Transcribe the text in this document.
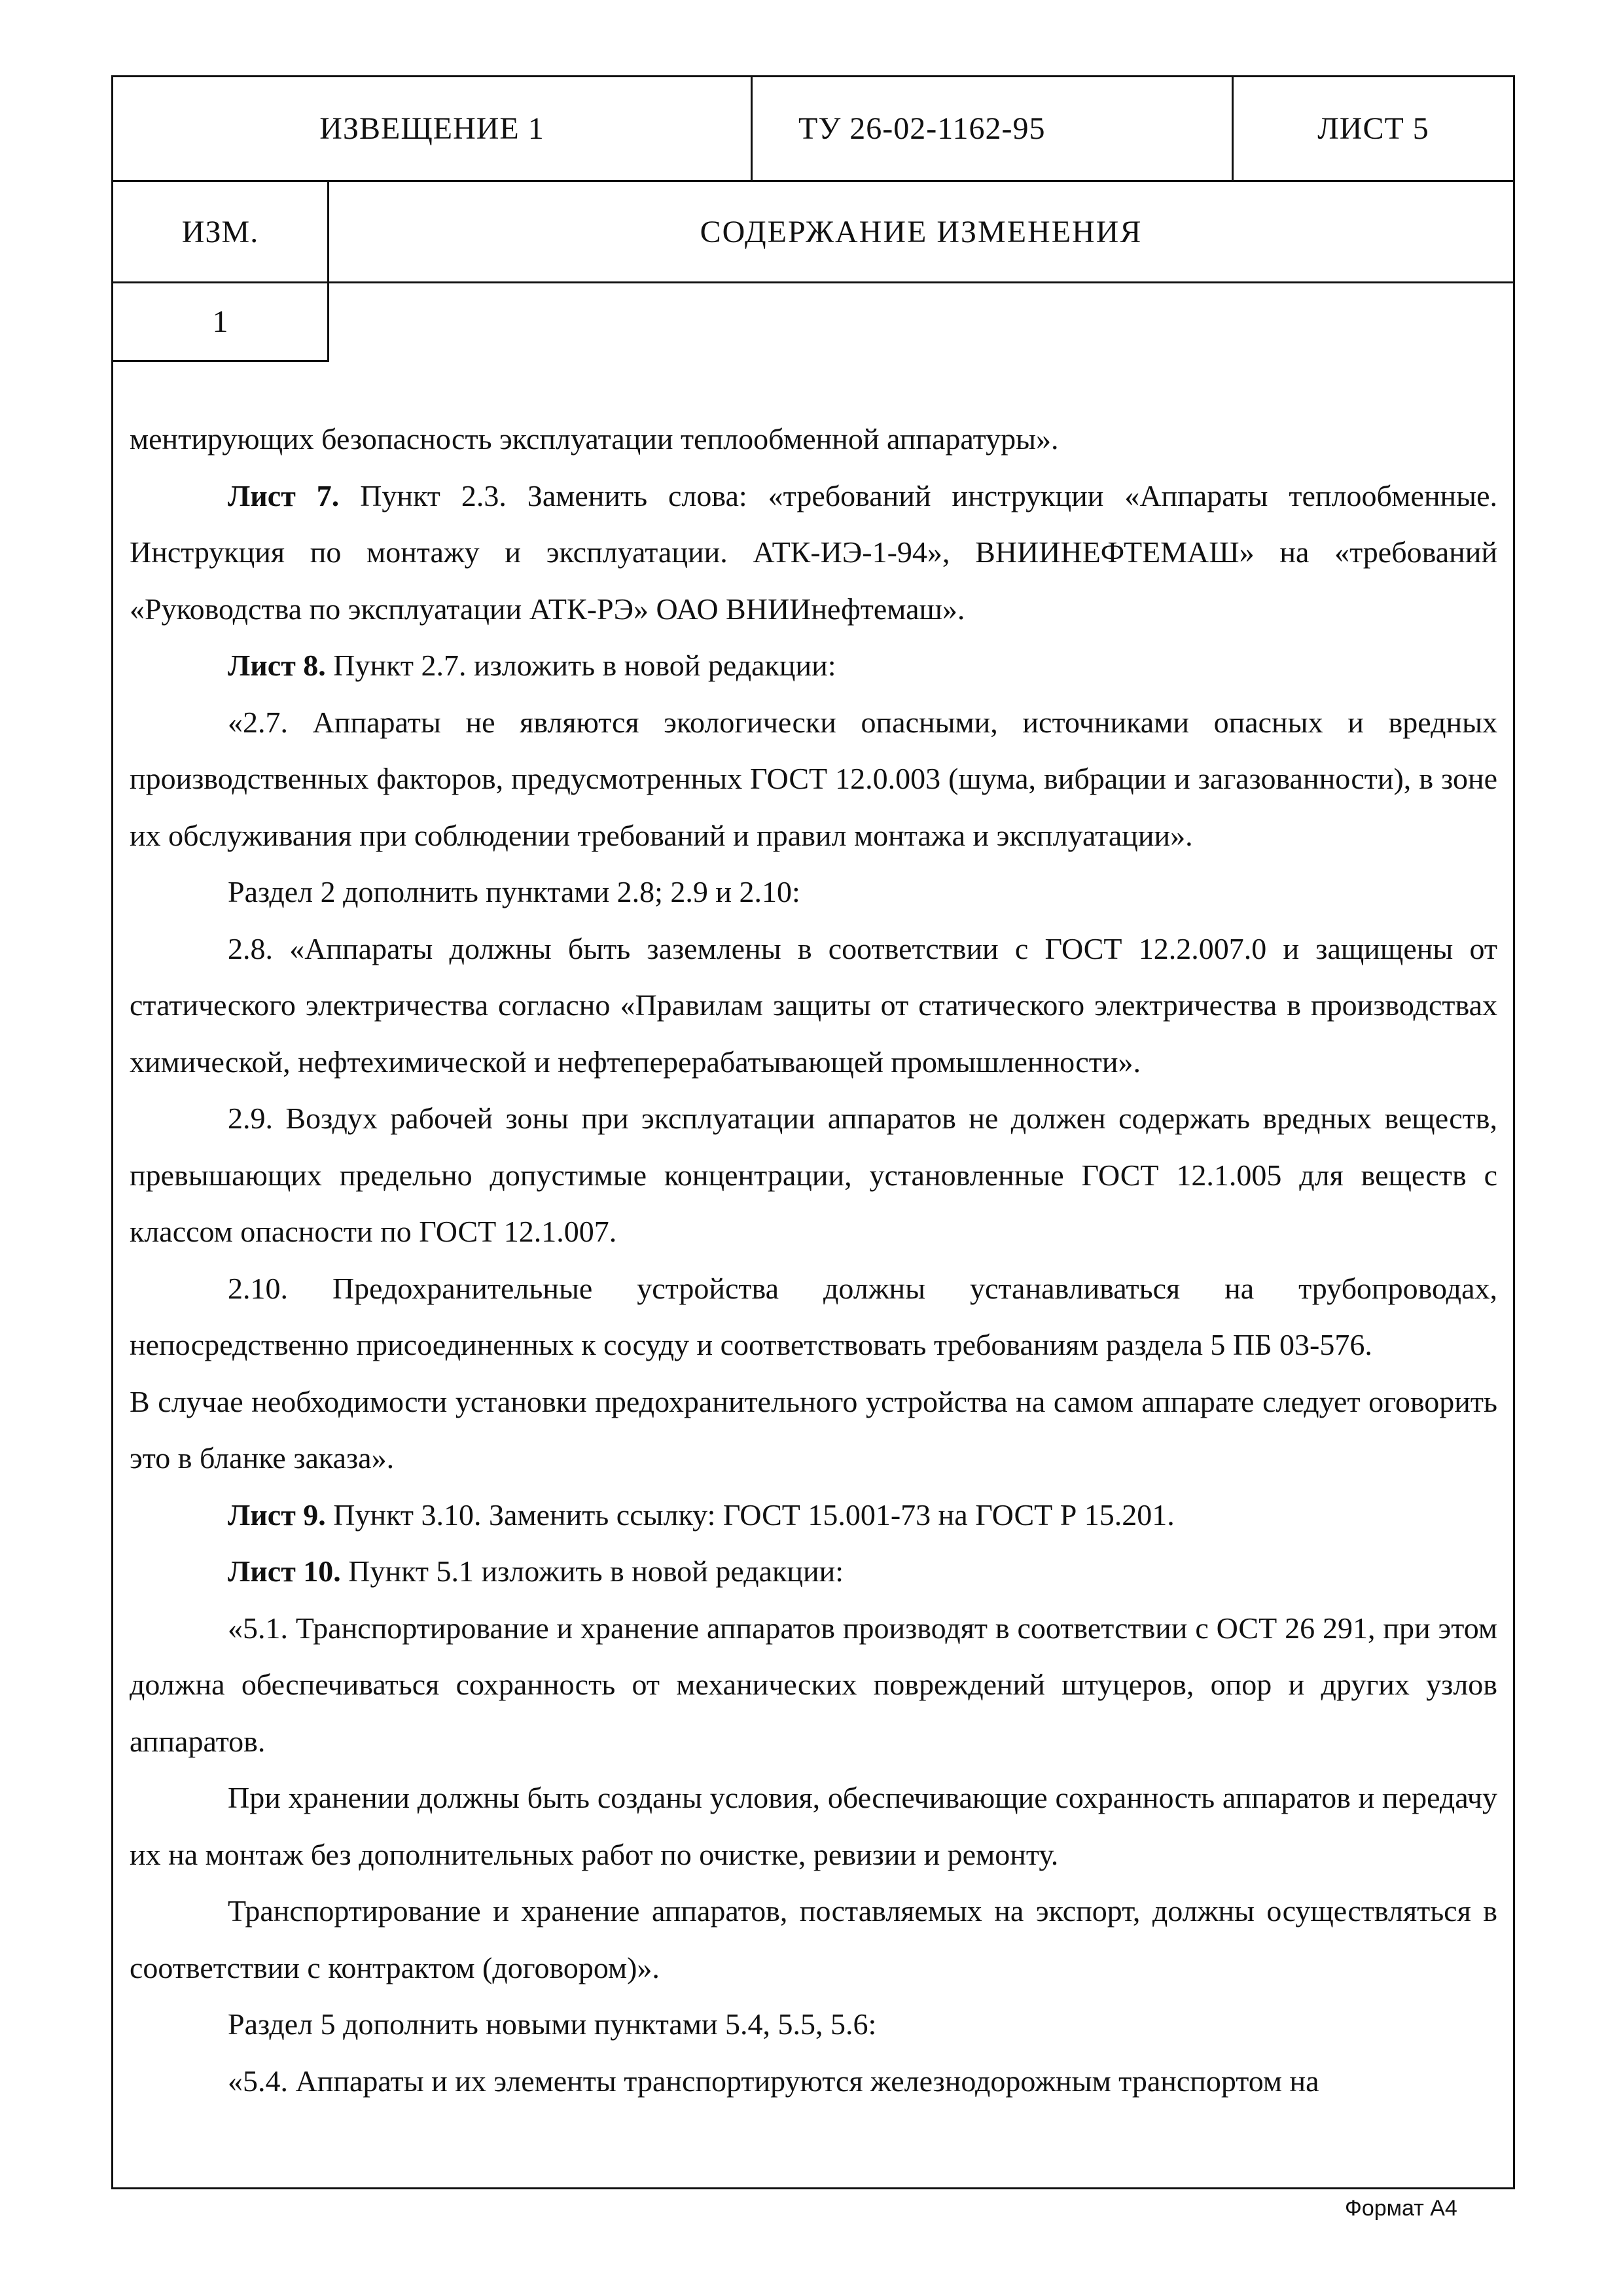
ИЗВЕЩЕНИЕ 1	ТУ 26-02-1162-95	ЛИСТ 5
ИЗМ.	СОДЕРЖАНИЕ ИЗМЕНЕНИЯ
1

ментирующих безопасность эксплуатации теплообменной аппаратуры».

Лист 7. Пункт 2.3. Заменить слова: «требований инструкции «Аппараты теплообменные. Инструкция по монтажу и эксплуатации. АТК-ИЭ-1-94», ВНИИНЕФТЕМАШ» на «требований «Руководства по эксплуатации АТК-РЭ» ОАО ВНИИнефтемаш».

Лист 8. Пункт 2.7. изложить в новой редакции:

«2.7. Аппараты не являются экологически опасными, источниками опасных и вредных производственных факторов, предусмотренных ГОСТ 12.0.003 (шума, вибрации и загазованности), в зоне их обслуживания при соблюдении требований и правил монтажа и эксплуатации».

Раздел 2 дополнить пунктами 2.8; 2.9 и 2.10:

2.8. «Аппараты должны быть заземлены в соответствии с ГОСТ 12.2.007.0 и защищены от статического электричества согласно «Правилам защиты от статического электричества в производствах химической, нефтехимической и нефтеперерабатывающей промышленности».

2.9. Воздух рабочей зоны при эксплуатации аппаратов не должен содержать вредных веществ, превышающих предельно допустимые концентрации, установленные ГОСТ 12.1.005 для веществ с классом опасности по ГОСТ 12.1.007.

2.10. Предохранительные устройства должны устанавливаться на трубопроводах, непосредственно присоединенных к сосуду и соответствовать требованиям раздела 5 ПБ 03-576.

В случае необходимости установки предохранительного устройства на самом аппарате следует оговорить это в бланке заказа».

Лист 9. Пункт 3.10. Заменить ссылку: ГОСТ 15.001-73 на ГОСТ Р 15.201.

Лист 10. Пункт 5.1 изложить в новой редакции:

«5.1. Транспортирование и хранение аппаратов производят в соответствии с ОСТ 26 291, при этом должна обеспечиваться сохранность от механических повреждений штуцеров, опор и других узлов аппаратов.

При хранении должны быть созданы условия, обеспечивающие сохранность аппаратов и передачу их на монтаж без дополнительных работ по очистке, ревизии и ремонту.

Транспортирование и хранение аппаратов, поставляемых на экспорт, должны осуществляться в соответствии с контрактом (договором)».

Раздел 5 дополнить новыми пунктами 5.4, 5.5, 5.6:

«5.4. Аппараты и их элементы транспортируются железнодорожным транспортом на

Формат А4
